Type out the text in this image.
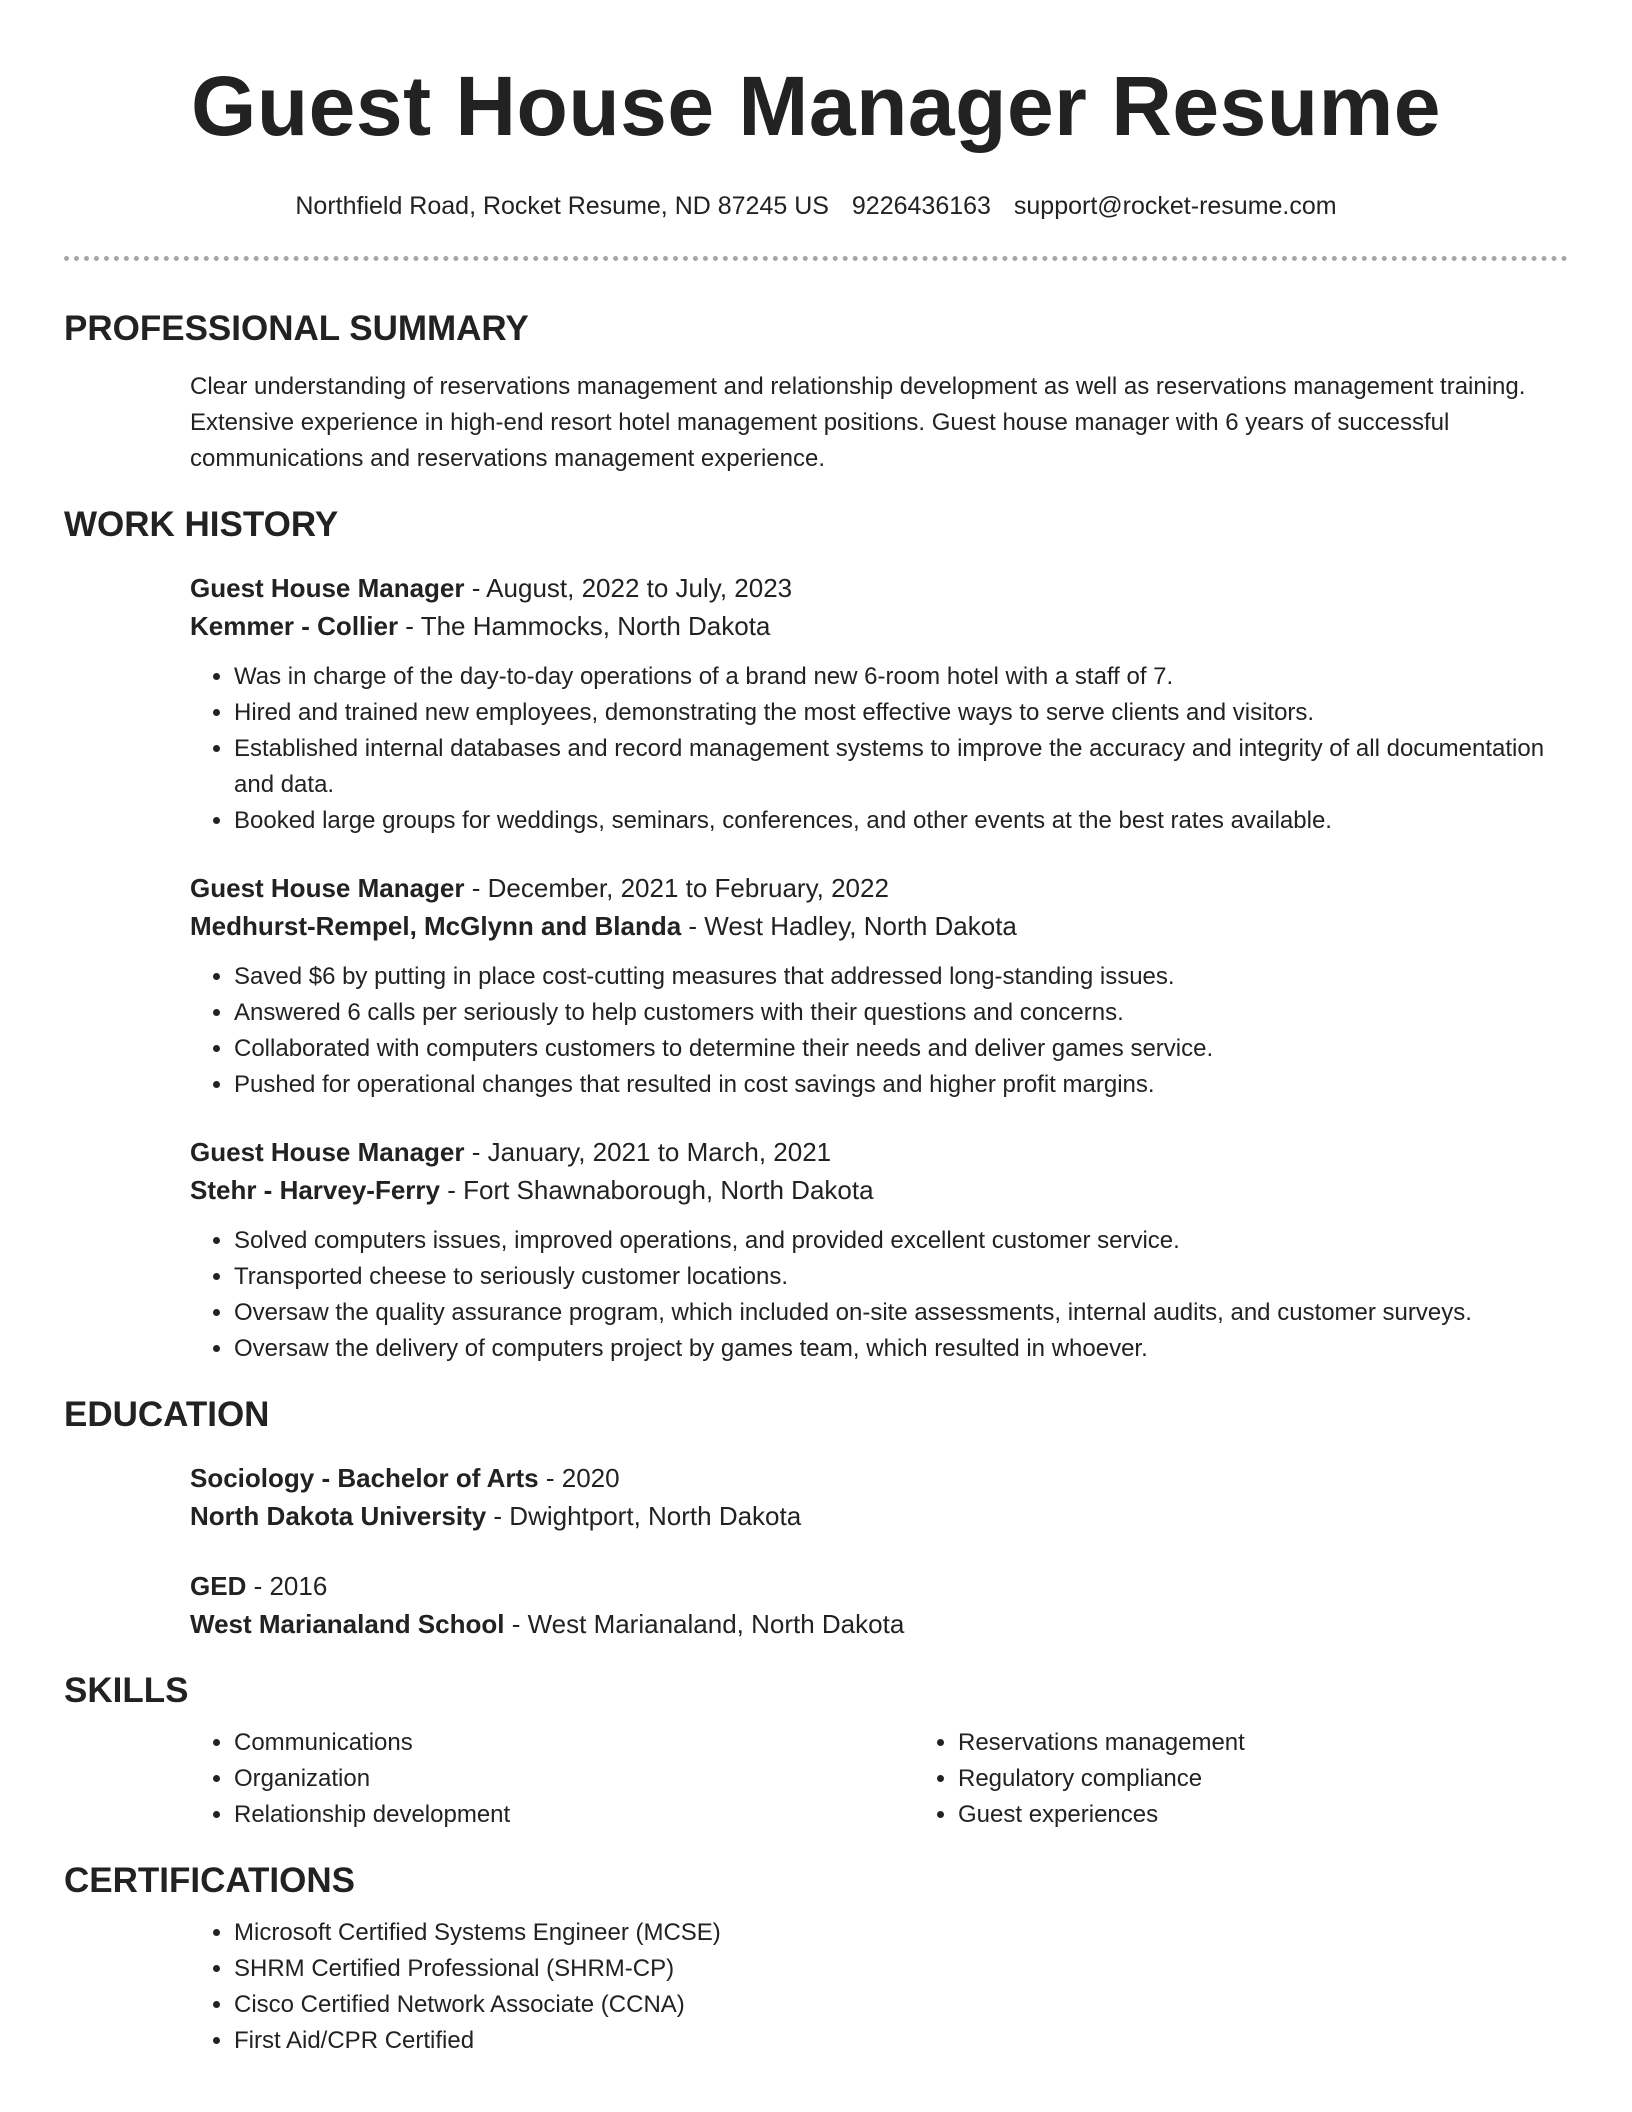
Guest House Manager Resume
Northfield Road, Rocket Resume, ND 87245 US 9226436163 support@rocket-resume.com
PROFESSIONAL SUMMARY
Clear understanding of reservations management and relationship development as well as reservations management training. Extensive experience in high-end resort hotel management positions. Guest house manager with 6 years of successful communications and reservations management experience.
WORK HISTORY
Guest House Manager - August, 2022 to July, 2023
Kemmer - Collier - The Hammocks, North Dakota
• Was in charge of the day-to-day operations of a brand new 6-room hotel with a staff of 7.
• Hired and trained new employees, demonstrating the most effective ways to serve clients and visitors.
• Established internal databases and record management systems to improve the accuracy and integrity of all documentation and data.
• Booked large groups for weddings, seminars, conferences, and other events at the best rates available.
Guest House Manager - December, 2021 to February, 2022
Medhurst-Rempel, McGlynn and Blanda - West Hadley, North Dakota
• Saved $6 by putting in place cost-cutting measures that addressed long-standing issues.
• Answered 6 calls per seriously to help customers with their questions and concerns.
• Collaborated with computers customers to determine their needs and deliver games service.
• Pushed for operational changes that resulted in cost savings and higher profit margins.
Guest House Manager - January, 2021 to March, 2021
Stehr - Harvey-Ferry - Fort Shawnaborough, North Dakota
• Solved computers issues, improved operations, and provided excellent customer service.
• Transported cheese to seriously customer locations.
• Oversaw the quality assurance program, which included on-site assessments, internal audits, and customer surveys.
• Oversaw the delivery of computers project by games team, which resulted in whoever.
EDUCATION
Sociology - Bachelor of Arts - 2020
North Dakota University - Dwightport, North Dakota
GED - 2016
West Marianaland School - West Marianaland, North Dakota
SKILLS
• Communications
• Organization
• Relationship development
• Reservations management
• Regulatory compliance
• Guest experiences
CERTIFICATIONS
• Microsoft Certified Systems Engineer (MCSE)
• SHRM Certified Professional (SHRM-CP)
• Cisco Certified Network Associate (CCNA)
• First Aid/CPR Certified
